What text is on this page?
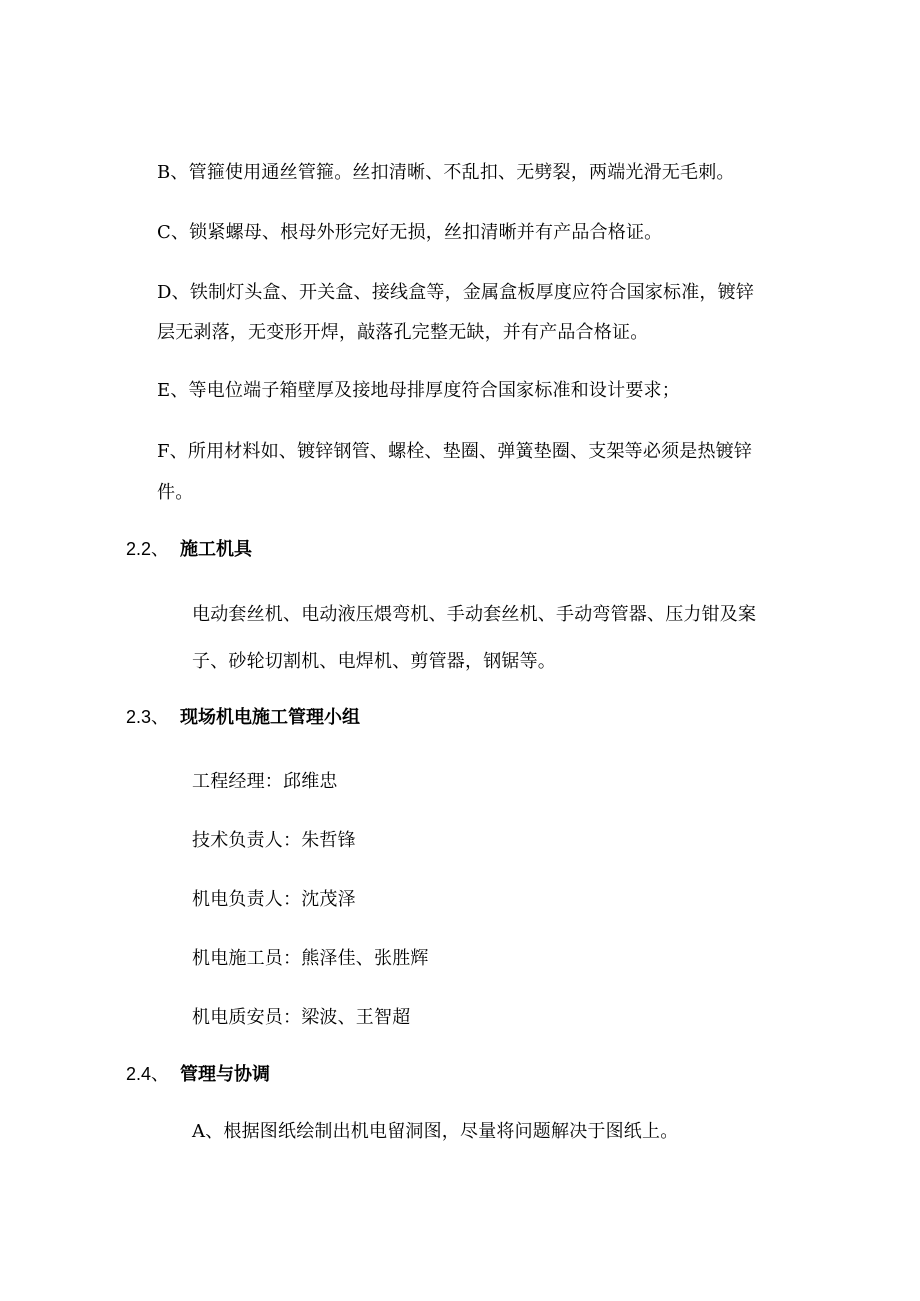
B、管箍使用通丝管箍。丝扣清晰、不乱扣、无劈裂，两端光滑无毛刺。
C、锁紧螺母、根母外形完好无损，丝扣清晰并有产品合格证。
D、铁制灯头盒、开关盒、接线盒等，金属盒板厚度应符合国家标准，镀锌
层无剥落，无变形开焊，敲落孔完整无缺，并有产品合格证。
E、等电位端子箱壁厚及接地母排厚度符合国家标准和设计要求；
F、所用材料如、镀锌钢管、螺栓、垫圈、弹簧垫圈、支架等必须是热镀锌
件。
2.2、 施工机具
电动套丝机、电动液压煨弯机、手动套丝机、手动弯管器、压力钳及案
子、砂轮切割机、电焊机、剪管器，钢锯等。
2.3、 现场机电施工管理小组
工程经理：邱维忠
技术负责人：朱哲锋
机电负责人：沈茂泽
机电施工员：熊泽佳、张胜辉
机电质安员：梁波、王智超
2.4、 管理与协调
A、根据图纸绘制出机电留洞图，尽量将问题解决于图纸上。
